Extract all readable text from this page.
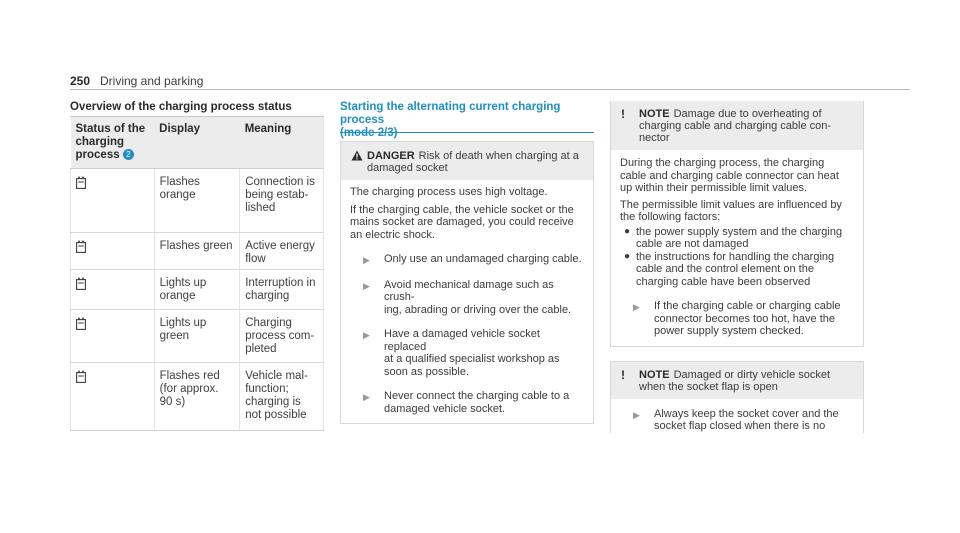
250 Driving and parking
Overview of the charging process status
Status of the
charging
process 2	Display	Meaning
	Flashes
orange	Connection is
being estab-
lished
	Flashes green	Active energy
flow
	Lights up
orange	Interruption in
charging
	Lights up
green	Charging
process com-
pleted
	Flashes red
(for approx.
90 s)	Vehicle mal-
function;
charging is
not possible
Starting the alternating current charging process
(mode 2/3)
DANGER Risk of death when charging at a
damaged socket

The charging process uses high voltage.

If the charging cable, the vehicle socket or the
mains socket are damaged, you could receive
an electric shock.

▶	Only use an undamaged charging cable.
▶	Avoid mechanical damage such as crush-
ing, abrading or driving over the cable.
▶	Have a damaged vehicle socket replaced
at a qualified specialist workshop as
soon as possible.
▶	Never connect the charging cable to a
damaged vehicle socket.
!	NOTE Damage due to overheating of
charging cable and charging cable con-
nector

During the charging process, the charging
cable and charging cable connector can heat
up within their permissible limit values.

The permissible limit values are influenced by
the following factors:

● the power supply system and the charging
cable are not damaged
● the instructions for handling the charging
cable and the control element on the
charging cable have been observed
▶	If the charging cable or charging cable
connector becomes too hot, have the
power supply system checked.
!	NOTE Damaged or dirty vehicle socket
when the socket flap is open
▶	Always keep the socket cover and the
socket flap closed when there is no
